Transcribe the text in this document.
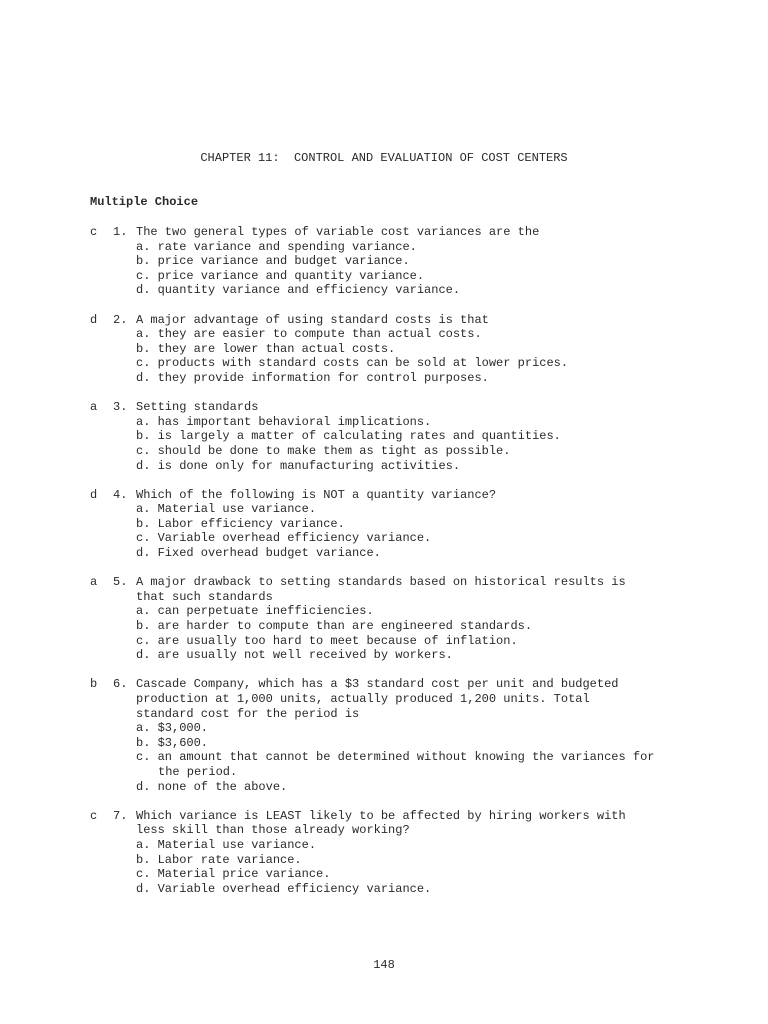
CHAPTER 11:  CONTROL AND EVALUATION OF COST CENTERS
Multiple Choice
c	1. The two general types of variable cost variances are the
a. rate variance and spending variance.
b. price variance and budget variance.
c. price variance and quantity variance.
d. quantity variance and efficiency variance.
d	2. A major advantage of using standard costs is that
a. they are easier to compute than actual costs.
b. they are lower than actual costs.
c. products with standard costs can be sold at lower prices.
d. they provide information for control purposes.
a	3. Setting standards
a. has important behavioral implications.
b. is largely a matter of calculating rates and quantities.
c. should be done to make them as tight as possible.
d. is done only for manufacturing activities.
d	4. Which of the following is NOT a quantity variance?
a. Material use variance.
b. Labor efficiency variance.
c. Variable overhead efficiency variance.
d. Fixed overhead budget variance.
a	5. A major drawback to setting standards based on historical results is
that such standards
a. can perpetuate inefficiencies.
b. are harder to compute than are engineered standards.
c. are usually too hard to meet because of inflation.
d. are usually not well received by workers.
b	6. Cascade Company, which has a $3 standard cost per unit and budgeted
production at 1,000 units, actually produced 1,200 units. Total
standard cost for the period is
a. $3,000.
b. $3,600.
c. an amount that cannot be determined without knowing the variances for
the period.
d. none of the above.
c	7. Which variance is LEAST likely to be affected by hiring workers with
less skill than those already working?
a. Material use variance.
b. Labor rate variance.
c. Material price variance.
d. Variable overhead efficiency variance.
148
